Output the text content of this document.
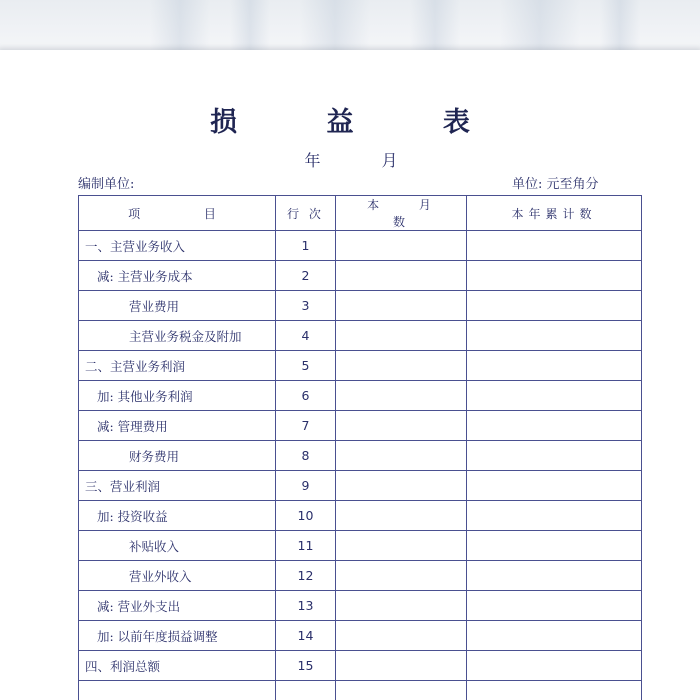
损 益 表
年 月
编制单位:	单位: 元至角分
项 目	行 次	本 月 数	本年累计数
一、主营业务收入	1		
减: 主营业务成本	2		
营业费用	3		
主营业务税金及附加	4		
二、主营业务利润	5		
加: 其他业务利润	6		
减: 管理费用	7		
财务费用	8		
三、营业利润	9		
加: 投资收益	10		
补贴收入	11		
营业外收入	12		
减: 营业外支出	13		
加: 以前年度损益调整	14		
四、利润总额	15		
